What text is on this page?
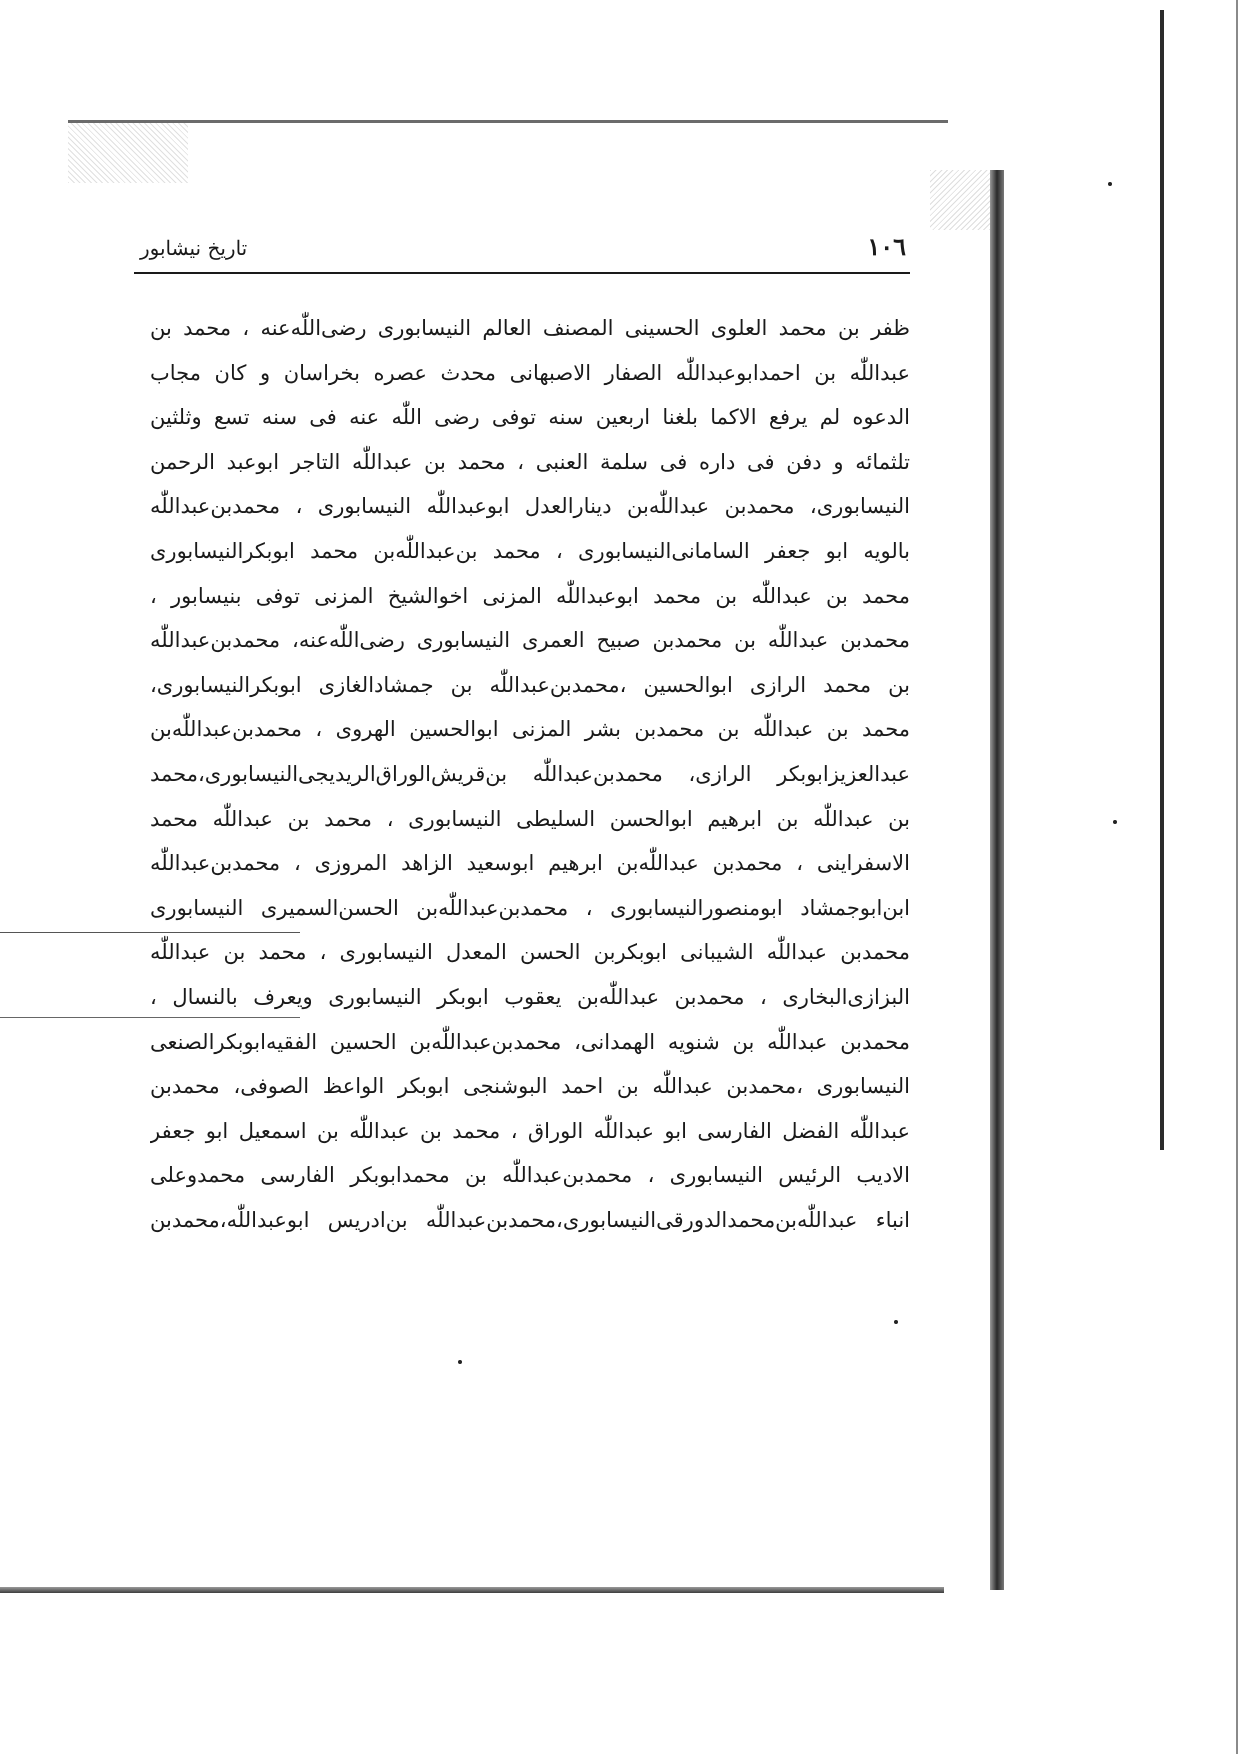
تاريخ نيشابور	١٠٦
ظفر بن محمد العلوى الحسينى المصنف العالم النيسابورى رضى‌اللّٰه‌عنه ، محمد بن
عبداللّٰه بن احمدابوعبداللّٰه الصفار الاصبهانى محدث عصره بخراسان و كان مجاب
الدعوه لم يرفع الاكما بلغنا اربعين سنه توفى رضى اللّٰه عنه فى سنه تسع وثلثين
تلثمائه و دفن فى داره فى سلمة العنبى ، محمد بن عبداللّٰه التاجر ابوعبد الرحمن
النيسابورى، محمدبن عبداللّٰه‌بن دينارالعدل ابوعبداللّٰه النيسابورى ، محمدبن‌عبداللّٰه
بالويه ابو جعفر السامانى‌النيسابورى ، محمد بن‌عبداللّٰه‌بن محمد ابوبكر‌النيسابورى
محمد بن عبداللّٰه بن محمد ابوعبداللّٰه المزنى اخوالشيخ المزنى توفى بنيسابور ،
محمدبن عبداللّٰه بن محمدبن صبيح العمرى النيسابورى رضى‌اللّٰه‌عنه، محمدبن‌عبداللّٰه
بن محمد الرازى ابوالحسين ،محمدبن‌عبداللّٰه بن جمشادالغازى ابوبكرالنيسابورى،
محمد بن عبداللّٰه بن محمدبن بشر المزنى ابوالحسين الهروى ، محمدبن‌عبداللّٰه‌بن
عبدالعزيزابوبكر الرازى، محمدبن‌عبداللّٰه بن‌قريش‌الوراق‌الريديجى‌النيسابورى،محمد
بن عبداللّٰه بن ابرهيم ابوالحسن السليطى النيسابورى ، محمد بن عبداللّٰه محمد
الاسفراينى ، محمدبن عبداللّٰه‌بن ابرهيم ابوسعيد الزاهد المروزى ، محمدبن‌عبداللّٰه
ابن‌ابوجمشاد ابومنصورالنيسابورى ، محمدبن‌عبداللّٰه‌بن الحسن‌السميرى النيسابورى
محمدبن عبداللّٰه الشيبانى ابوبكربن الحسن المعدل النيسابورى ، محمد بن عبداللّٰه
البزازى‌البخارى ، محمدبن عبداللّٰه‌بن يعقوب ابوبكر النيسابورى ويعرف بالنسال ،
محمدبن عبداللّٰه بن شنويه الهمدانى، محمدبن‌عبداللّٰه‌بن الحسين الفقيه‌ابوبكرالصنعى
النيسابورى ،محمدبن عبداللّٰه بن احمد البوشنجى ابوبكر الواعظ الصوفى، محمدبن
عبداللّٰه الفضل الفارسى ابو عبداللّٰه الوراق ، محمد بن عبداللّٰه بن اسمعيل ابو جعفر
الاديب الرئيس النيسابورى ، محمدبن‌عبداللّٰه بن محمدابوبكر الفارسى محمدوعلى
انباء عبداللّٰه‌بن‌محمدالدورقى‌النيسابورى،محمدبن‌عبداللّٰه بن‌ادريس ابوعبداللّٰه،محمدبن
